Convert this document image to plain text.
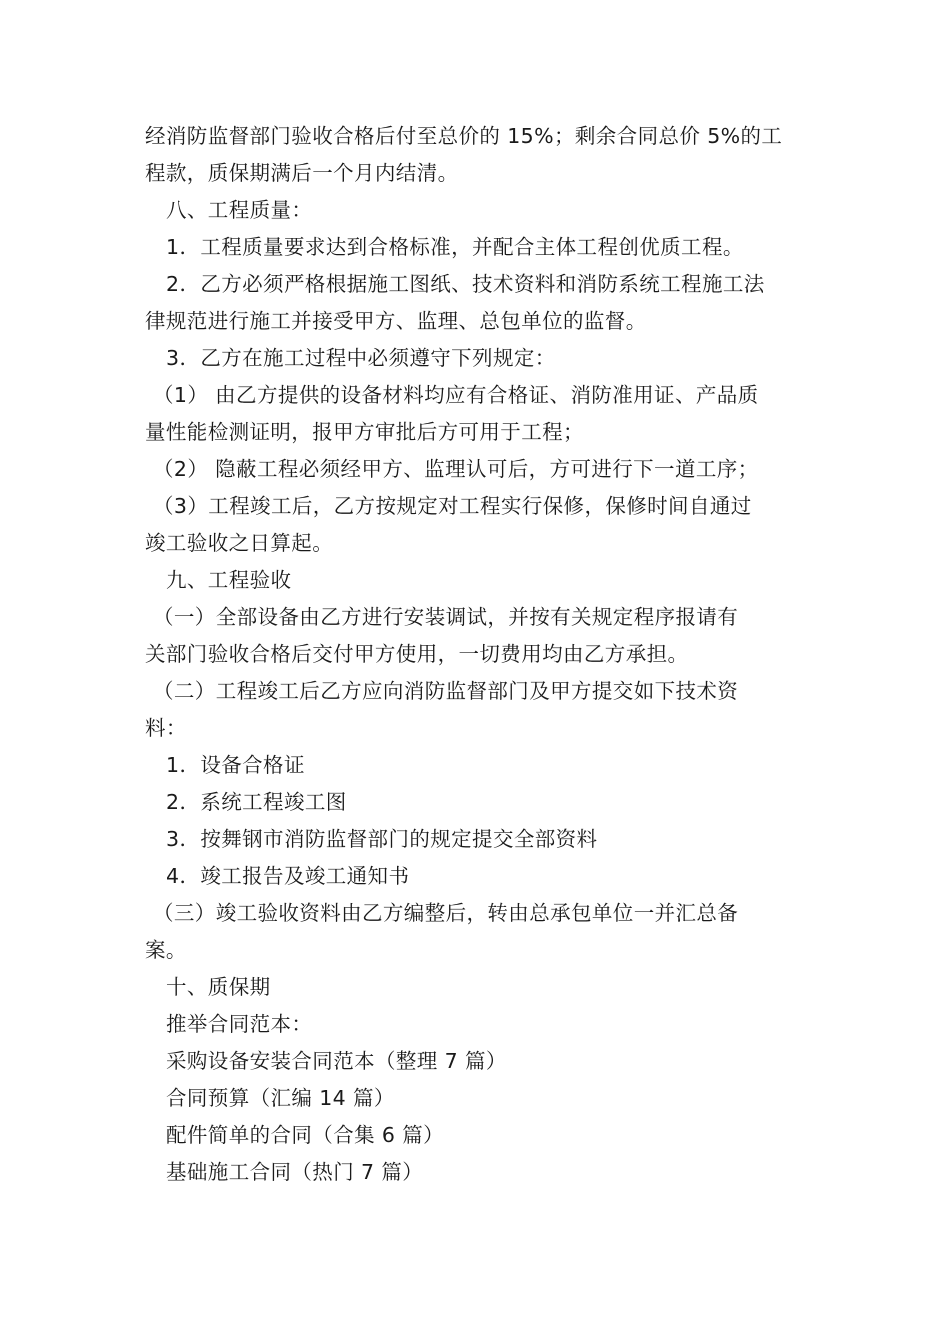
经消防监督部门验收合格后付至总价的 15%；剩余合同总价 5%的工
程款，质保期满后一个月内结清。
八、工程质量：
1．工程质量要求达到合格标准，并配合主体工程创优质工程。
2．乙方必须严格根据施工图纸、技术资料和消防系统工程施工法
律规范进行施工并接受甲方、监理、总包单位的监督。
3．乙方在施工过程中必须遵守下列规定：
（1） 由乙方提供的设备材料均应有合格证、消防准用证、产品质
量性能检测证明，报甲方审批后方可用于工程；
（2） 隐蔽工程必须经甲方、监理认可后，方可进行下一道工序；
（3）工程竣工后，乙方按规定对工程实行保修，保修时间自通过
竣工验收之日算起。
九、工程验收
（一）全部设备由乙方进行安装调试，并按有关规定程序报请有
关部门验收合格后交付甲方使用，一切费用均由乙方承担。
（二）工程竣工后乙方应向消防监督部门及甲方提交如下技术资
料：
1．设备合格证
2．系统工程竣工图
3．按舞钢市消防监督部门的规定提交全部资料
4．竣工报告及竣工通知书
（三）竣工验收资料由乙方编整后，转由总承包单位一并汇总备
案。
十、质保期
推举合同范本：
采购设备安装合同范本（整理 7 篇）
合同预算（汇编 14 篇）
配件简单的合同（合集 6 篇）
基础施工合同（热门 7 篇）
